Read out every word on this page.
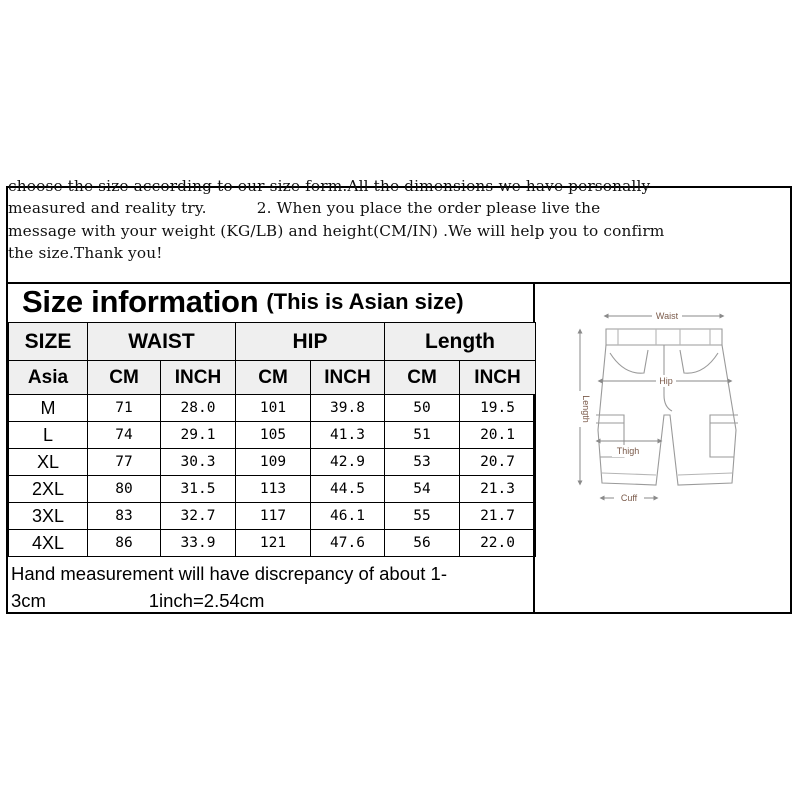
choose the size according to our size form.All the dimensions we have personally

measured and reality try.          2. When you place the order please live the

message with your weight (KG/LB) and height(CM/IN) .We will help you to confirm

the size.Thank you!

Size information (This is Asian size)
SIZE	WAIST		HIP		Length	
Asia	CM	INCH	CM	INCH	CM	INCH
M	71	28.0	101	39.8	50	19.5
L	74	29.1	105	41.3	51	20.1
XL	77	30.3	109	42.9	53	20.7
2XL	80	31.5	113	44.5	54	21.3
3XL	83	32.7	117	46.1	55	21.7
4XL	86	33.9	121	47.6	56	22.0
Hand measurement will have discrepancy of about 1-
3cm                    1inch=2.54cm
Waist
Hip
Length
Thigh
Cuff
